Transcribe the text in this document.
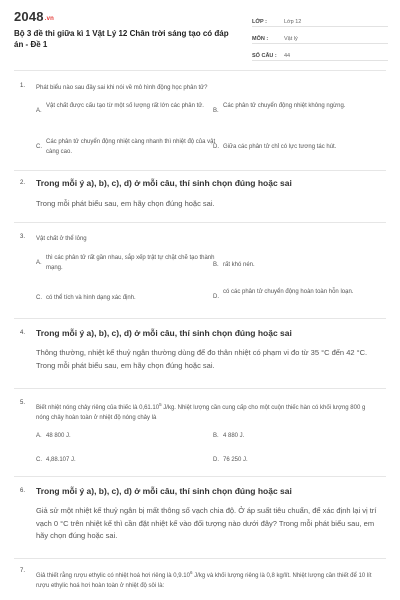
2048.vn
Bộ 3 đề thi giữa kì 1 Vật Lý 12 Chân trời sáng tạo có đáp án - Đề 1
LỚP :	Lớp 12
MÔN :	Vật lý
SỐ CÂU :	44
1. Phát biểu nào sau đây sai khi nói về mô hình động học phân tử?
A.
Vật chất được cấu tạo từ một số lượng rất lớn các phân tử.
B.
Các phân tử chuyển động nhiệt không ngừng.
C.
Các phân tử chuyển động nhiệt càng nhanh thì nhiệt độ của vật càng cao.
D. Giữa các phân tử chỉ có lực tương tác hút.
2. Trong mỗi ý a), b), c), d) ở mỗi câu, thí sinh chọn đúng hoặc sai
Trong mỗi phát biểu sau, em hãy chọn đúng hoặc sai.
3. Vật chất ở thể lỏng
A.
thì các phân tử rất gần nhau, sắp xếp trật tự chặt chẽ tạo thành mạng.	B. rất khó nén.
C. có thể tích và hình dạng xác định.	D.
có các phân tử chuyển động hoàn toàn hỗn loạn.
4. Trong mỗi ý a), b), c), d) ở mỗi câu, thí sinh chọn đúng hoặc sai
Thông thường, nhiệt kế thuỷ ngân thường dùng để đo thân nhiệt có phạm vi đo từ 35 °C đến 42 °C. Trong mỗi phát biểu sau, em hãy chọn đúng hoặc sai.
5.
Biết nhiệt nóng chảy riêng của thiếc là 0,61.10$^5$ J/kg. Nhiệt lượng cần cung cấp cho một cuộn thiếc hàn có khối lượng 800 g nóng chảy hoàn toàn ở nhiệt độ nóng chảy là
A. 48 800 J.	B. 4 880 J.
C. 4,88.107 J.	D. 76 250 J.
6. Trong mỗi ý a), b), c), d) ở mỗi câu, thí sinh chọn đúng hoặc sai
Giả sử một nhiệt kế thuỷ ngân bị mất thông số vạch chia độ. Ở áp suất tiêu chuẩn, để xác định lại vị trí vạch 0 °C trên nhiệt kế thì cần đặt nhiệt kế vào đối tượng nào dưới đây? Trong mỗi phát biểu sau, em hãy chọn đúng hoặc sai.
7.
Giả thiết rằng rượu ethylic có nhiệt hoá hơi riêng là 0,9.10$^6$ J/kg và khối lượng riêng là 0,8 kg/lít. Nhiệt lượng cần thiết để 10 lít rượu ethylic hoá hơi hoàn toàn ở nhiệt độ sôi là:
